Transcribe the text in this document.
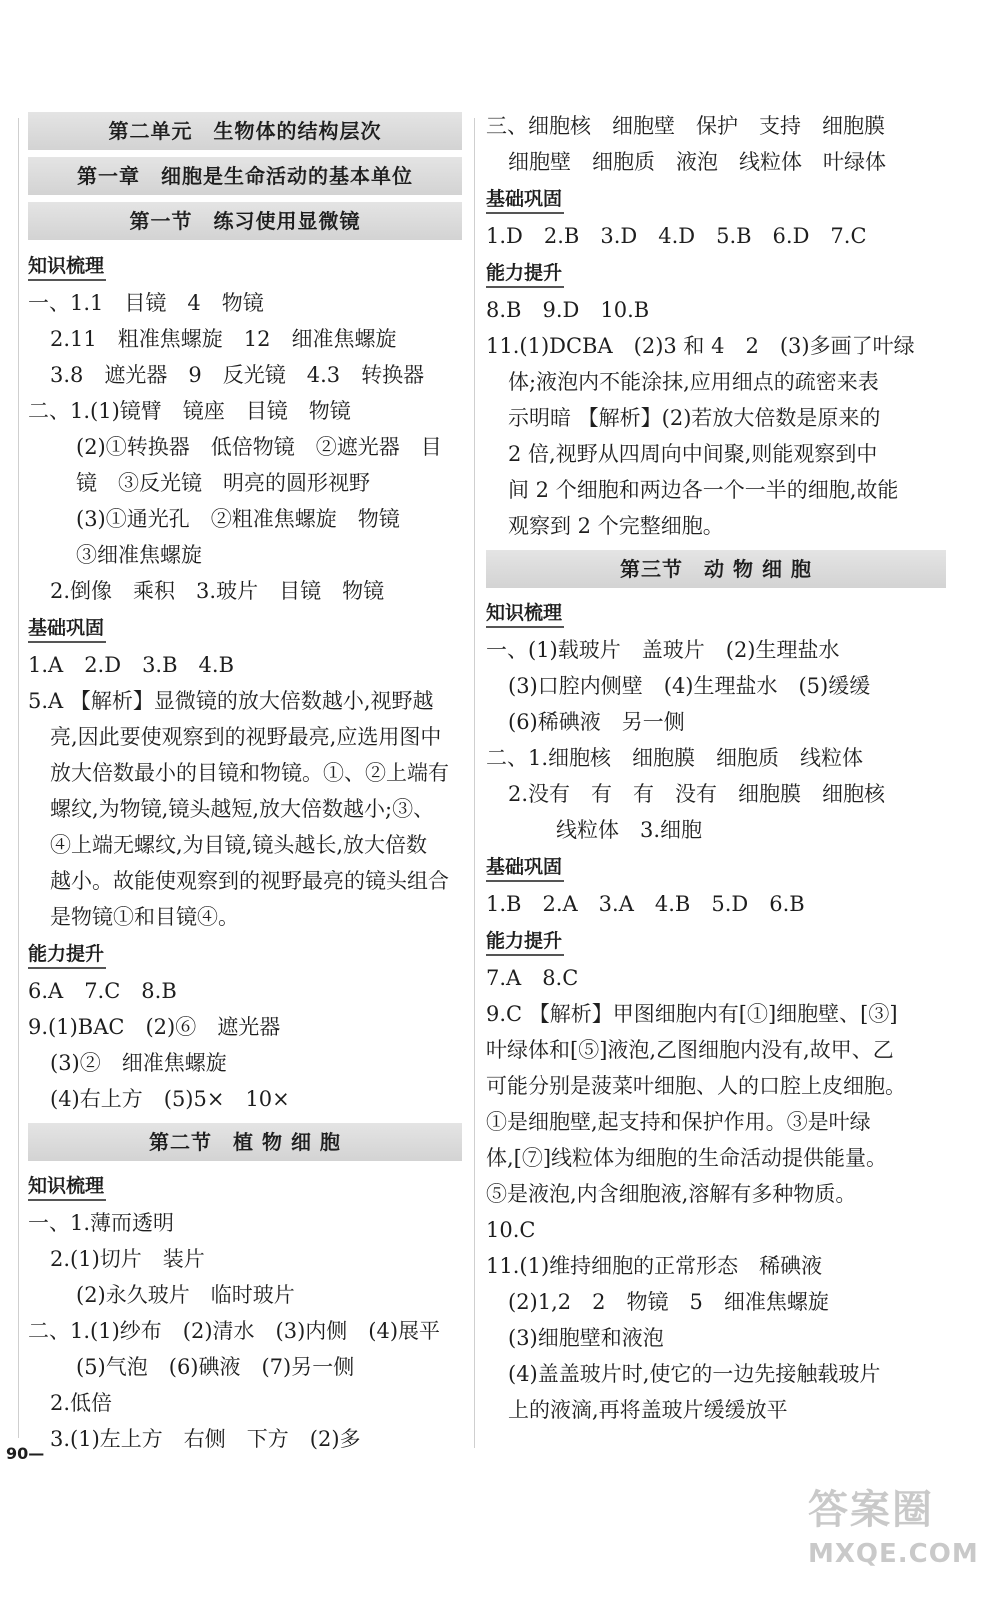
第二单元　生物体的结构层次
第一章　细胞是生命活动的基本单位
第一节　练习使用显微镜
知识梳理
一、1.1　目镜　4　物镜
2.11　粗准焦螺旋　12　细准焦螺旋
3.8　遮光器　9　反光镜　4.3　转换器
二、1.(1)镜臂　镜座　目镜　物镜
(2)①转换器　低倍物镜　②遮光器　目
镜　③反光镜　明亮的圆形视野
(3)①通光孔　②粗准焦螺旋　物镜
③细准焦螺旋
2.倒像　乘积　3.玻片　目镜　物镜
基础巩固
1.A　2.D　3.B　4.B
5.A 【解析】显微镜的放大倍数越小,视野越
亮,因此要使观察到的视野最亮,应选用图中
放大倍数最小的目镜和物镜。①、②上端有
螺纹,为物镜,镜头越短,放大倍数越小;③、
④上端无螺纹,为目镜,镜头越长,放大倍数
越小。故能使观察到的视野最亮的镜头组合
是物镜①和目镜④。
能力提升
6.A　7.C　8.B
9.(1)BAC　(2)⑥　遮光器
(3)②　细准焦螺旋
(4)右上方　(5)5×　10×
第二节　植 物 细 胞
知识梳理
一、1.薄而透明
2.(1)切片　装片
(2)永久玻片　临时玻片
二、1.(1)纱布　(2)清水　(3)内侧　(4)展平
(5)气泡　(6)碘液　(7)另一侧
2.低倍
3.(1)左上方　右侧　下方　(2)多
三、细胞核　细胞壁　保护　支持　细胞膜
细胞壁　细胞质　液泡　线粒体　叶绿体
基础巩固
1.D　2.B　3.D　4.D　5.B　6.D　7.C
能力提升
8.B　9.D　10.B
11.(1)DCBA　(2)3 和 4　2　(3)多画了叶绿
体;液泡内不能涂抹,应用细点的疏密来表
示明暗 【解析】(2)若放大倍数是原来的
2 倍,视野从四周向中间聚,则能观察到中
间 2 个细胞和两边各一个一半的细胞,故能
观察到 2 个完整细胞。
第三节　动 物 细 胞
知识梳理
一、(1)载玻片　盖玻片　(2)生理盐水
(3)口腔内侧壁　(4)生理盐水　(5)缓缓
(6)稀碘液　另一侧
二、1.细胞核　细胞膜　细胞质　线粒体
2.没有　有　有　没有　细胞膜　细胞核
线粒体　3.细胞
基础巩固
1.B　2.A　3.A　4.B　5.D　6.B
能力提升
7.A　8.C
9.C 【解析】甲图细胞内有[①]细胞壁、[③]
叶绿体和[⑤]液泡,乙图细胞内没有,故甲、乙
可能分别是菠菜叶细胞、人的口腔上皮细胞。
①是细胞壁,起支持和保护作用。③是叶绿
体,[⑦]线粒体为细胞的生命活动提供能量。
⑤是液泡,内含细胞液,溶解有多种物质。
10.C
11.(1)维持细胞的正常形态　稀碘液
(2)1,2　2　物镜　5　细准焦螺旋
(3)细胞壁和液泡
(4)盖盖玻片时,使它的一边先接触载玻片
上的液滴,再将盖玻片缓缓放平
90—
答案圈
MXQE.COM
